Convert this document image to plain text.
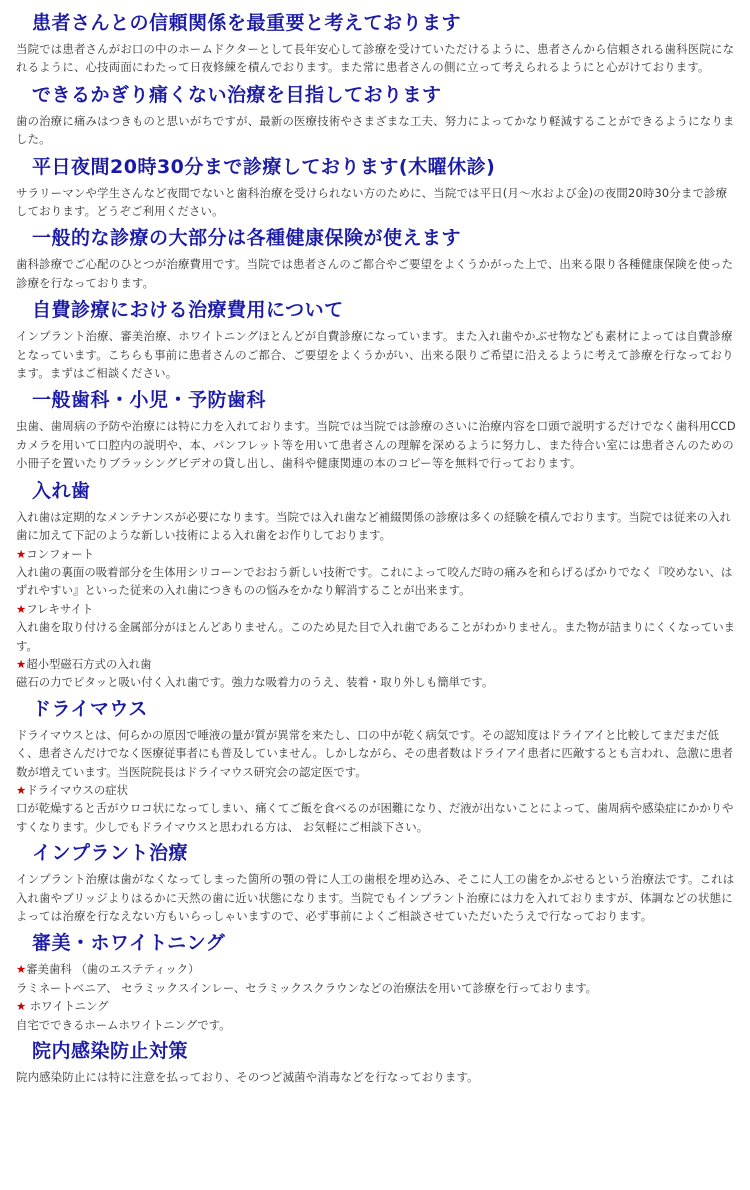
患者さんとの信頼関係を最重要と考えております
当院では患者さんがお口の中のホームドクターとして長年安心して診療を受けていただけるように、患者さんから信頼される歯科医院になれるように、心技両面にわたって日夜修練を積んでおります。また常に患者さんの側に立って考えられるようにと心がけております。
できるかぎり痛くない治療を目指しております
歯の治療に痛みはつきものと思いがちですが、最新の医療技術やさまざまな工夫、努力によってかなり軽減することができるようになりました。
平日夜間20時30分まで診療しております(木曜休診)
サラリーマンや学生さんなど夜間でないと歯科治療を受けられない方のために、当院では平日(月～水および金)の夜間20時30分まで診療しております。どうぞご利用ください。
一般的な診療の大部分は各種健康保険が使えます
歯科診療でご心配のひとつが治療費用です。当院では患者さんのご都合やご要望をよくうかがった上で、出来る限り各種健康保険を使った診療を行なっております。
自費診療における治療費用について
インプラント治療、審美治療、ホワイトニングほとんどが自費診療になっています。また入れ歯やかぶせ物なども素材によっては自費診療となっています。こちらも事前に患者さんのご都合、ご要望をよくうかがい、出来る限りご希望に沿えるように考えて診療を行なっております。まずはご相談ください。
一般歯科・小児・予防歯科
虫歯、歯周病の予防や治療には特に力を入れております。当院では当院では診療のさいに治療内容を口頭で説明するだけでなく歯科用CCDカメラを用いて口腔内の説明や、本、パンフレット等を用いて患者さんの理解を深めるように努力し、また待合い室には患者さんのための小冊子を置いたりブラッシングビデオの貸し出し、歯科や健康関連の本のコピー等を無料で行っております。
入れ歯
入れ歯は定期的なメンテナンスが必要になります。当院では入れ歯など補綴関係の診療は多くの経験を積んでおります。当院では従来の入れ歯に加えて下記のような新しい技術による入れ歯をお作りしております。
★コンフォート
入れ歯の裏面の吸着部分を生体用シリコーンでおおう新しい技術です。これによって咬んだ時の痛みを和らげるばかりでなく『咬めない、はずれやすい』といった従来の入れ歯につきものの悩みをかなり解消することが出来ます。
★フレキサイト
入れ歯を取り付ける金属部分がほとんどありません。このため見た目で入れ歯であることがわかりません。また物が詰まりにくくなっています。
★超小型磁石方式の入れ歯
磁石の力でピタッと吸い付く入れ歯です。強力な吸着力のうえ、装着・取り外しも簡単です。
ドライマウス
ドライマウスとは、何らかの原因で唾液の量が質が異常を来たし、口の中が乾く病気です。その認知度はドライアイと比較してまだまだ低く、患者さんだけでなく医療従事者にも普及していません。しかしながら、その患者数はドライアイ患者に匹敵するとも言われ、急激に患者数が増えています。当医院院長はドライマウス研究会の認定医です。
★ドライマウスの症状
口が乾燥すると舌がウロコ状になってしまい、痛くてご飯を食べるのが困難になり、だ液が出ないことによって、歯周病や感染症にかかりやすくなります。少しでもドライマウスと思われる方は、 お気軽にご相談下さい。
インプラント治療
インプラント治療は歯がなくなってしまった箇所の顎の骨に人工の歯根を埋め込み、そこに人工の歯をかぶせるという治療法です。これは入れ歯やブリッジよりはるかに天然の歯に近い状態になります。当院でもインプラント治療には力を入れておりますが、体調などの状態によっては治療を行なえない方もいらっしゃいますので、必ず事前によくご相談させていただいたうえで行なっております。
審美・ホワイトニング
★審美歯科 （歯のエステティック）
ラミネートベニア、 セラミックスインレー、セラミックスクラウンなどの治療法を用いて診療を行っております。
★ ホワイトニング
自宅でできるホームホワイトニングです。
院内感染防止対策
院内感染防止には特に注意を払っており、そのつど滅菌や消毒などを行なっております。
